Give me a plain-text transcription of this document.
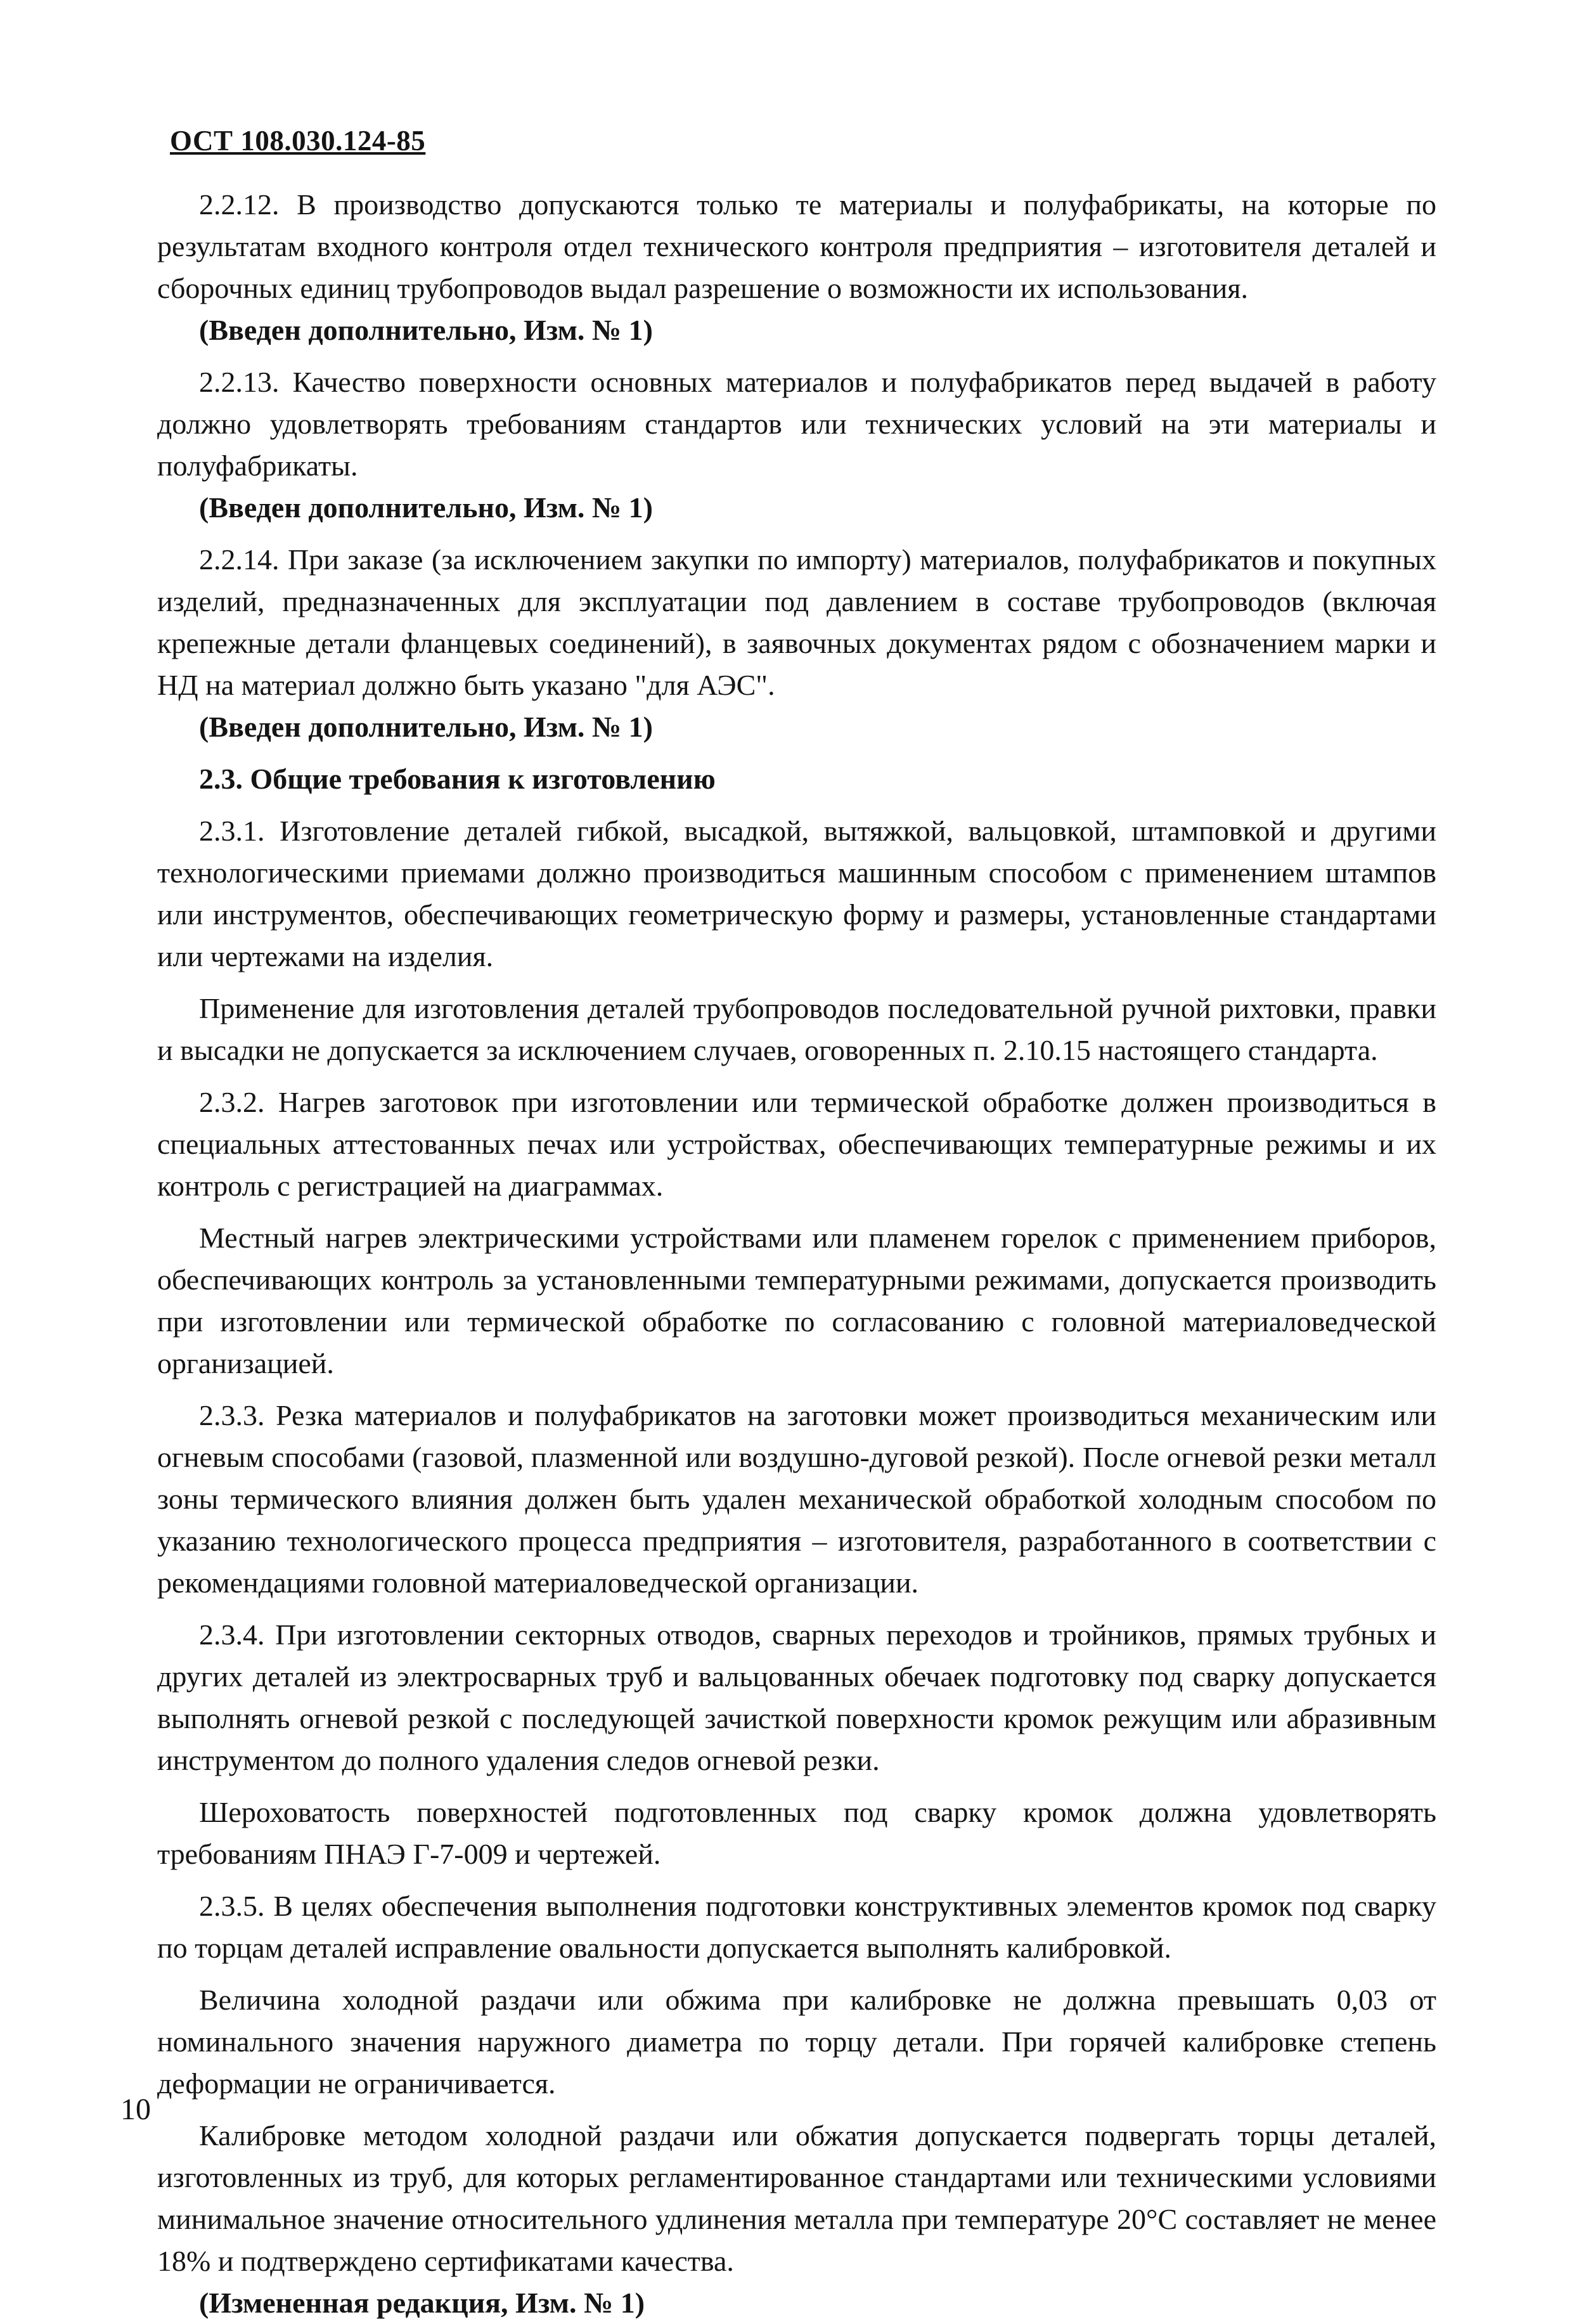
ОСТ 108.030.124-85

2.2.12. В производство допускаются только те материалы и полуфабрикаты, на которые по результатам входного контроля отдел технического контроля предприятия – изготовителя деталей и сборочных единиц трубопроводов выдал разрешение о возможности их использования.

(Введен дополнительно, Изм. № 1)

2.2.13. Качество поверхности основных материалов и полуфабрикатов перед выдачей в работу должно удовлетворять требованиям стандартов или технических условий на эти материалы и полуфабрикаты.

(Введен дополнительно, Изм. № 1)

2.2.14. При заказе (за исключением закупки по импорту) материалов, полуфабрикатов и покупных изделий, предназначенных для эксплуатации под давлением в составе трубопроводов (включая крепежные детали фланцевых соединений), в заявочных документах рядом с обозначением марки и НД на материал должно быть указано "для АЭС".

(Введен дополнительно, Изм. № 1)

2.3. Общие требования к изготовлению

2.3.1. Изготовление деталей гибкой, высадкой, вытяжкой, вальцовкой, штамповкой и другими технологическими приемами должно производиться машинным способом с применением штампов или инструментов, обеспечивающих геометрическую форму и размеры, установленные стандартами или чертежами на изделия.

Применение для изготовления деталей трубопроводов последовательной ручной рихтовки, правки и высадки не допускается за исключением случаев, оговоренных п. 2.10.15 настоящего стандарта.

2.3.2. Нагрев заготовок при изготовлении или термической обработке должен производиться в специальных аттестованных печах или устройствах, обеспечивающих температурные режимы и их контроль с регистрацией на диаграммах.

Местный нагрев электрическими устройствами или пламенем горелок с применением приборов, обеспечивающих контроль за установленными температурными режимами, допускается производить при изготовлении или термической обработке по согласованию с головной материаловедческой организацией.

2.3.3. Резка материалов и полуфабрикатов на заготовки может производиться механическим или огневым способами (газовой, плазменной или воздушно-дуговой резкой). После огневой резки металл зоны термического влияния должен быть удален механической обработкой холодным способом по указанию технологического процесса предприятия – изготовителя, разработанного в соответствии с рекомендациями головной материаловедческой организации.

2.3.4. При изготовлении секторных отводов, сварных переходов и тройников, прямых трубных и других деталей из электросварных труб и вальцованных обечаек подготовку под сварку допускается выполнять огневой резкой с последующей зачисткой поверхности кромок режущим или абразивным инструментом до полного удаления следов огневой резки.

Шероховатость поверхностей подготовленных под сварку кромок должна удовлетворять требованиям ПНАЭ Г-7-009 и чертежей.

2.3.5. В целях обеспечения выполнения подготовки конструктивных элементов кромок под сварку по торцам деталей исправление овальности допускается выполнять калибровкой.

Величина холодной раздачи или обжима при калибровке не должна превышать 0,03 от номинального значения наружного диаметра по торцу детали. При горячей калибровке степень деформации не ограничивается.

Калибровке методом холодной раздачи или обжатия допускается подвергать торцы деталей, изготовленных из труб, для которых регламентированное стандартами или техническими условиями минимальное значение относительного удлинения металла при температуре 20°С составляет не менее 18% и подтверждено сертификатами качества.

(Измененная редакция, Изм. № 1)

10
